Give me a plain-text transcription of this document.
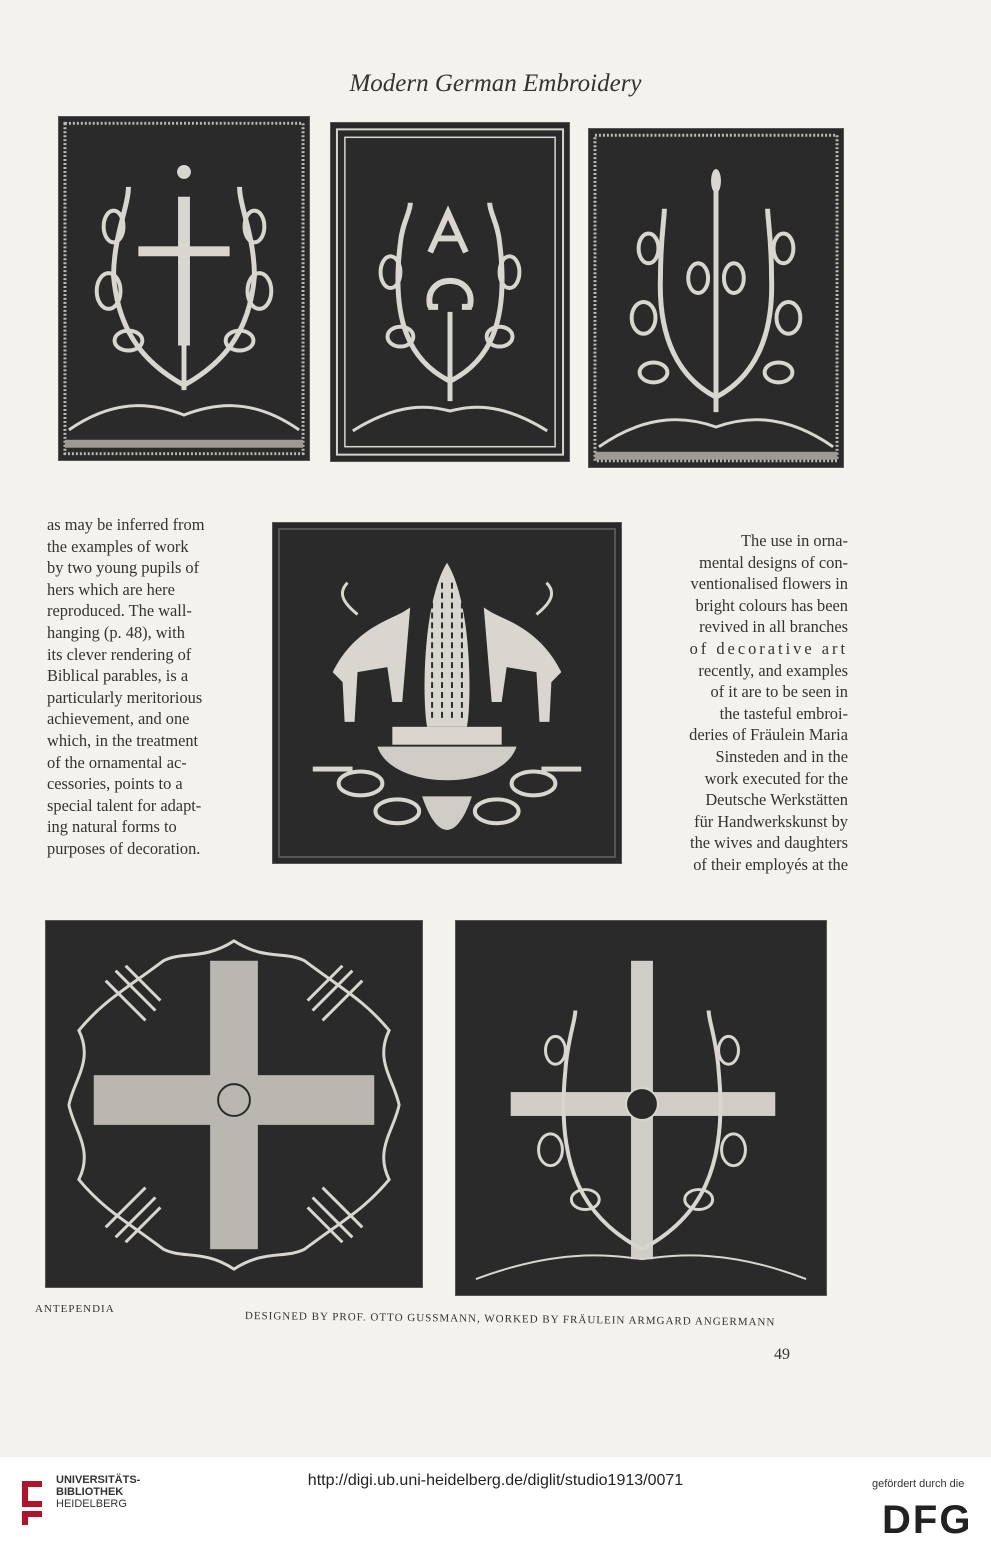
Modern German Embroidery
as may be inferred from
the examples of work
by two young pupils of
hers which are here
reproduced. The wall-
hanging (p. 48), with
its clever rendering of
Biblical parables, is a
particularly meritorious
achievement, and one
which, in the treatment
of the ornamental ac-
cessories, points to a
special talent for adapt-
ing natural forms to
purposes of decoration.
The use in orna-
mental designs of con-
ventionalised flowers in
bright colours has been
revived in all branches
of decorative art
recently, and examples
of it are to be seen in
the tasteful embroi-
deries of Fräulein Maria
Sinsteden and in the
work executed for the
Deutsche Werkstätten
für Handwerkskunst by
the wives and daughters
of their employés at the
ANTEPENDIA
DESIGNED BY PROF. OTTO GUSSMANN, WORKED BY FRÄULEIN ARMGARD ANGERMANN
49
UNIVERSITÄTS-
BIBLIOTHEK
HEIDELBERG
http://digi.ub.uni-heidelberg.de/diglit/studio1913/0071	gefördert durch die
DFG
